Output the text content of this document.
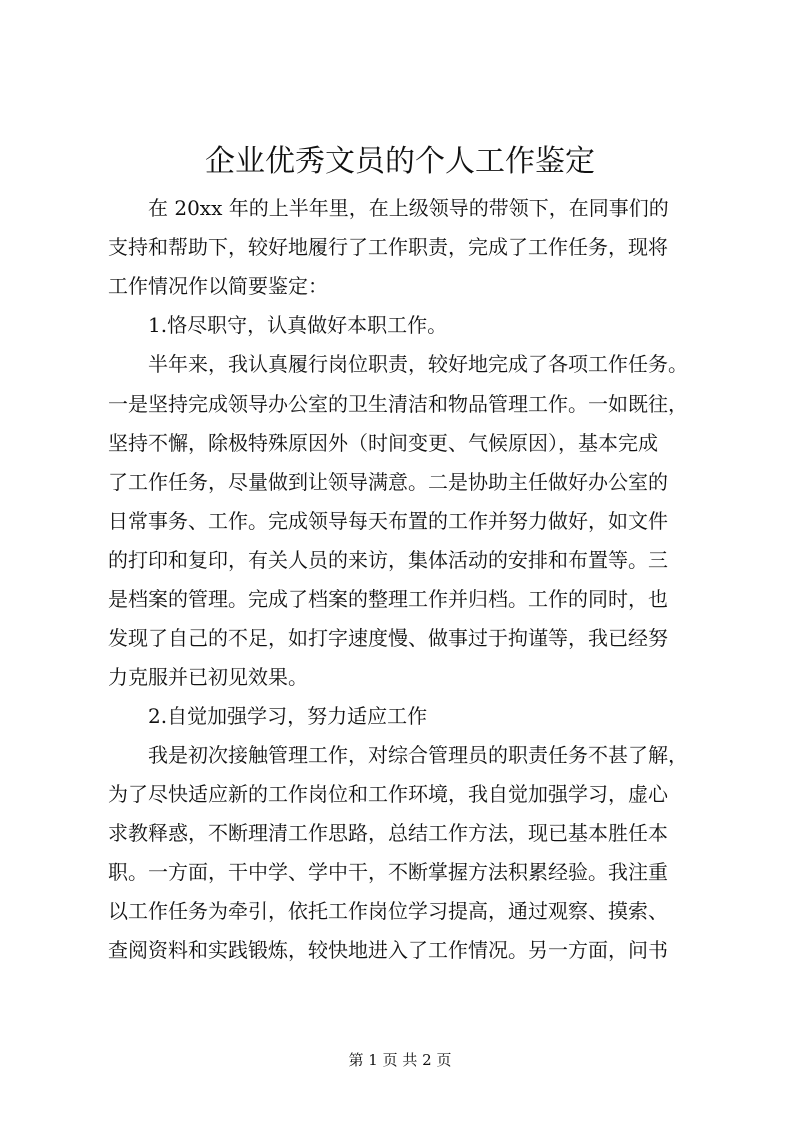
企业优秀文员的个人工作鉴定
在 20xx 年的上半年里，在上级领导的带领下，在同事们的
支持和帮助下，较好地履行了工作职责，完成了工作任务，现将
工作情况作以简要鉴定：
1.恪尽职守，认真做好本职工作。
半年来，我认真履行岗位职责，较好地完成了各项工作任务。
一是坚持完成领导办公室的卫生清洁和物品管理工作。一如既往，
坚持不懈，除极特殊原因外（时间变更、气候原因），基本完成
了工作任务，尽量做到让领导满意。二是协助主任做好办公室的
日常事务、工作。完成领导每天布置的工作并努力做好，如文件
的打印和复印，有关人员的来访，集体活动的安排和布置等。三
是档案的管理。完成了档案的整理工作并归档。工作的同时，也
发现了自己的不足，如打字速度慢、做事过于拘谨等，我已经努
力克服并已初见效果。
2.自觉加强学习，努力适应工作
我是初次接触管理工作，对综合管理员的职责任务不甚了解，
为了尽快适应新的工作岗位和工作环境，我自觉加强学习，虚心
求教释惑，不断理清工作思路，总结工作方法，现已基本胜任本
职。一方面，干中学、学中干，不断掌握方法积累经验。我注重
以工作任务为牵引，依托工作岗位学习提高，通过观察、摸索、
查阅资料和实践锻炼，较快地进入了工作情况。另一方面，问书
第 1 页 共 2 页
